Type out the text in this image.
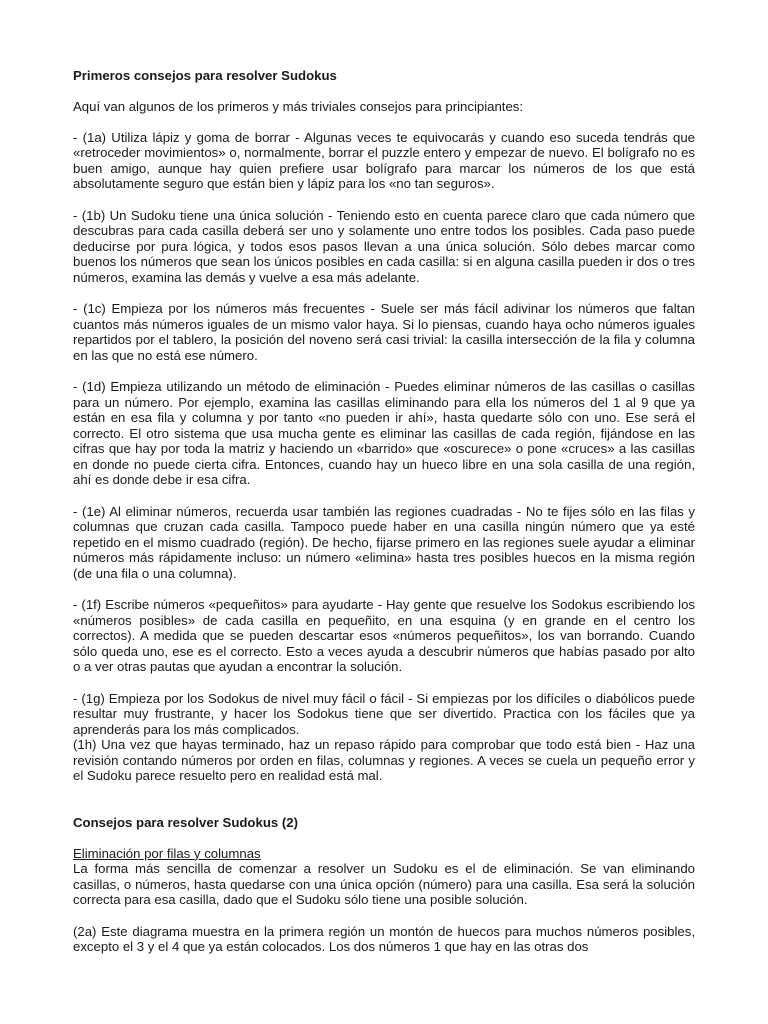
Primeros consejos para resolver Sudokus
Aquí van algunos de los primeros y más triviales consejos para principiantes:
- (1a) Utiliza lápiz y goma de borrar - Algunas veces te equivocarás y cuando eso suceda tendrás que «retroceder movimientos» o, normalmente, borrar el puzzle entero y empezar de nuevo. El bolígrafo no es buen amigo, aunque hay quien prefiere usar bolígrafo para marcar los números de los que está absolutamente seguro que están bien y lápiz para los «no tan seguros».
- (1b) Un Sudoku tiene una única solución - Teniendo esto en cuenta parece claro que cada número que descubras para cada casilla deberá ser uno y solamente uno entre todos los posibles. Cada paso puede deducirse por pura lógica, y todos esos pasos llevan a una única solución. Sólo debes marcar como buenos los números que sean los únicos posibles en cada casilla: si en alguna casilla pueden ir dos o tres números, examina las demás y vuelve a esa más adelante.
- (1c) Empieza por los números más frecuentes - Suele ser más fácil adivinar los números que faltan cuantos más números iguales de un mismo valor haya. Si lo piensas, cuando haya ocho números iguales repartidos por el tablero, la posición del noveno será casi trivial: la casilla intersección de la fila y columna en las que no está ese número.
- (1d) Empieza utilizando un método de eliminación - Puedes eliminar números de las casillas o casillas para un número. Por ejemplo, examina las casillas eliminando para ella los números del 1 al 9 que ya están en esa fila y columna y por tanto «no pueden ir ahí», hasta quedarte sólo con uno. Ese será el correcto. El otro sistema que usa mucha gente es eliminar las casillas de cada región, fijándose en las cifras que hay por toda la matriz y haciendo un «barrido» que «oscurece» o pone «cruces» a las casillas en donde no puede cierta cifra. Entonces, cuando hay un hueco libre en una sola casilla de una región, ahí es donde debe ir esa cifra.
- (1e) Al eliminar números, recuerda usar también las regiones cuadradas - No te fijes sólo en las filas y columnas que cruzan cada casilla. Tampoco puede haber en una casilla ningún número que ya esté repetido en el mismo cuadrado (región). De hecho, fijarse primero en las regiones suele ayudar a eliminar números más rápidamente incluso: un número «elimina» hasta tres posibles huecos en la misma región (de una fila o una columna).
- (1f) Escribe números «pequeñitos» para ayudarte - Hay gente que resuelve los Sodokus escribiendo los «números posibles» de cada casilla en pequeñito, en una esquina (y en grande en el centro los correctos). A medida que se pueden descartar esos «números pequeñitos», los van borrando. Cuando sólo queda uno, ese es el correcto. Esto a veces ayuda a descubrir números que habías pasado por alto o a ver otras pautas que ayudan a encontrar la solución.
- (1g) Empieza por los Sodokus de nivel muy fácil o fácil - Si empiezas por los difíciles o diabólicos puede resultar muy frustrante, y hacer los Sodokus tiene que ser divertido. Practica con los fáciles que ya aprenderás para los más complicados.
(1h) Una vez que hayas terminado, haz un repaso rápido para comprobar que todo está bien - Haz una revisión contando números por orden en filas, columnas y regiones. A veces se cuela un pequeño error y el Sudoku parece resuelto pero en realidad está mal.
Consejos para resolver Sudokus (2)
Eliminación por filas y columnas
La forma más sencilla de comenzar a resolver un Sudoku es el de eliminación. Se van eliminando casillas, o números, hasta quedarse con una única opción (número) para una casilla. Esa será la solución correcta para esa casilla, dado que el Sudoku sólo tiene una posible solución.
(2a) Este diagrama muestra en la primera región un montón de huecos para muchos números posibles, excepto el 3 y el 4 que ya están colocados. Los dos números 1 que hay en las otras dos
